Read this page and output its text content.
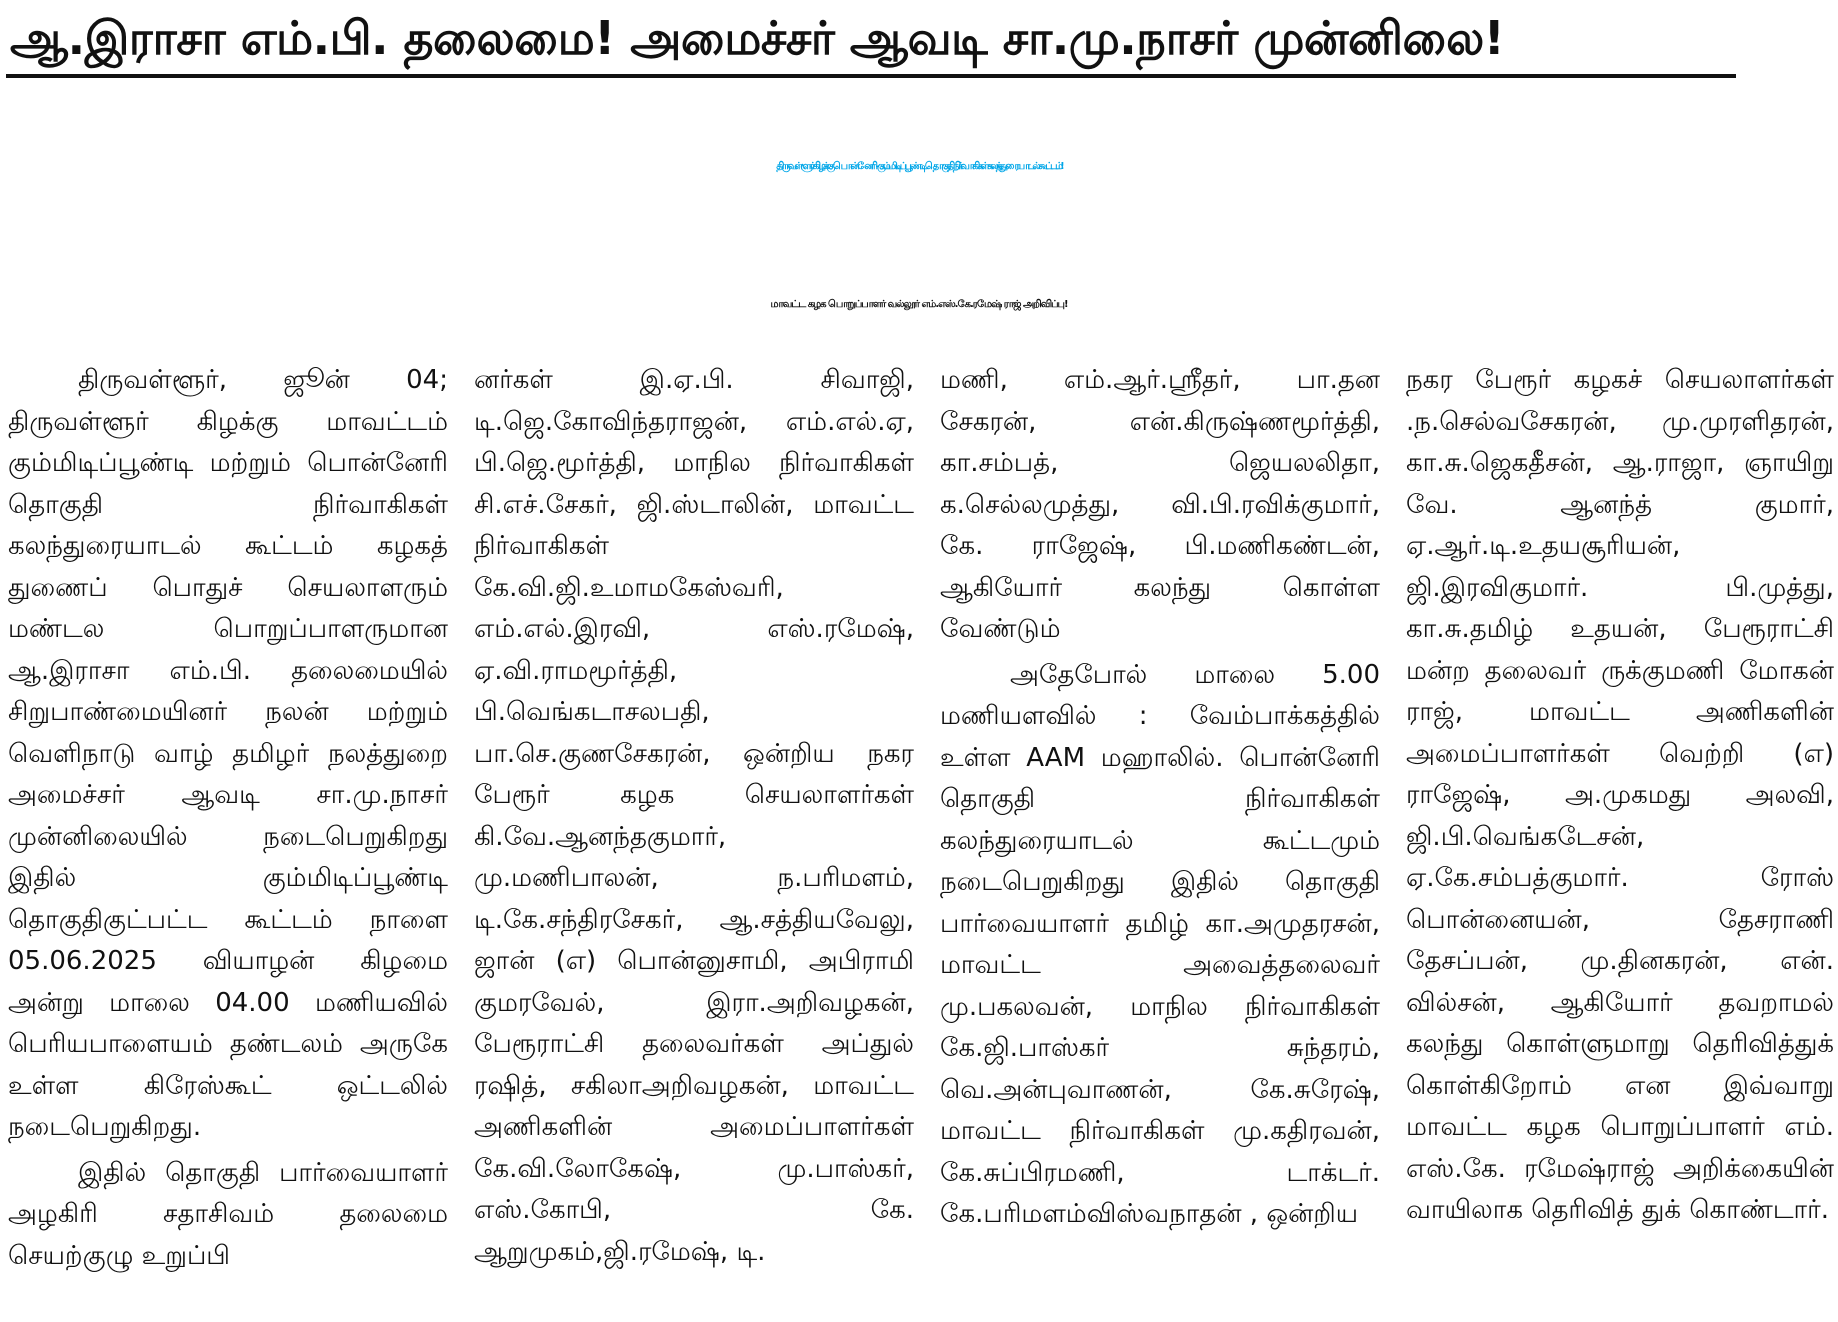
ஆ.இராசா எம்.பி. தலைமை! அமைச்சர் ஆவடி சா.மு.நாசர் முன்னிலை!
திருவள்ளூர் கிழக்கு பொன்னேரி - கும்மிடிப்பூண்டி தொகுதி நிர்வாகிகள் கலந்துரையாடல் கூட்டம்!
மாவட்ட கழக பொறுப்பாளர் வல்லூர் எம்.எஸ்.கே.ரமேஷ் ராஜ் அறிவிப்பு!

திருவள்ளூர், ஜூன் 04; திருவள்ளூர் கிழக்கு மாவட்டம் கும்மிடிப்பூண்டி மற்றும் பொன்னேரி தொகுதி நிர்வாகிகள் கலந்துரையாடல் கூட்டம் கழகத் துணைப் பொதுச் செயலாளரும் மண்டல பொறுப்பாளருமான ஆ.இராசா எம்.பி. தலைமையில் சிறுபாண்மையினர் நலன் மற்றும் வெளிநாடு வாழ் தமிழர் நலத்துறை அமைச்சர் ஆவடி சா.மு.நாசர் முன்னிலையில் நடைபெறுகிறது இதில் கும்மிடிப்பூண்டி தொகுதிகுட்பட்ட கூட்டம் நாளை 05.06.2025 வியாழன் கிழமை அன்று மாலை 04.00 மணியவில் பெரியபாளையம் தண்டலம் அருகே உள்ள கிரேஸ்கூட் ஒட்டலில் நடைபெறுகிறது.

இதில் தொகுதி பார்வையாளர் அழகிரி சதாசிவம் தலைமை செயற்குழு உறுப்பி

னர்கள் இ.ஏ.பி. சிவாஜி, டி.ஜெ.கோவிந்தராஜன், எம்.எல்.ஏ, பி.ஜெ.மூர்த்தி, மாநில நிர்வாகிகள் சி.எச்.சேகர், ஜி.ஸ்டாலின், மாவட்ட நிர்வாகிகள் கே.வி.ஜி.உமாமகேஸ்வரி, எம்.எல்.இரவி, எஸ்.ரமேஷ், ஏ.வி.ராமமூர்த்தி, பி.வெங்கடாசலபதி, பா.செ.குணசேகரன், ஒன்றிய நகர பேரூர் கழக செயலாளர்கள் கி.வே.ஆனந்தகுமார், மு.மணிபாலன், ந.பரிமளம், டி.கே.சந்திரசேகர், ஆ.சத்தியவேலு, ஜான் (எ) பொன்னுசாமி, அபிராமி குமரவேல், இரா.அறிவழகன், பேரூராட்சி தலைவர்கள் அப்துல் ரஷித், சகிலாஅறிவழகன், மாவட்ட அணிகளின் அமைப்பாளர்கள் கே.வி.லோகேஷ், மு.பாஸ்கர், எஸ்.கோபி, கே. ஆறுமுகம்,ஜி.ரமேஷ், டி.

மணி, எம்.ஆர்.ஸ்ரீதர், பா.தன சேகரன், என்.கிருஷ்ணமூர்த்தி, கா.சம்பத், ஜெயலலிதா, க.செல்லமுத்து, வி.பி.ரவிக்குமார், கே. ராஜேஷ், பி.மணிகண்டன், ஆகியோர் கலந்து கொள்ள வேண்டும்

அதேபோல் மாலை 5.00 மணியளவில் : வேம்பாக்கத்தில் உள்ள AAM மஹாலில். பொன்னேரி தொகுதி நிர்வாகிகள் கலந்துரையாடல் கூட்டமும் நடைபெறுகிறது இதில் தொகுதி பார்வையாளர் தமிழ் கா.அமுதரசன், மாவட்ட அவைத்தலைவர் மு.பகலவன், மாநில நிர்வாகிகள் கே.ஜி.பாஸ்கர் சுந்தரம், வெ.அன்புவாணன், கே.சுரேஷ், மாவட்ட நிர்வாகிகள் மு.கதிரவன், கே.சுப்பிரமணி, டாக்டர். கே.பரிமளம்விஸ்வநாதன் , ஒன்றிய

நகர பேரூர் கழகச் செயலாளர்கள் .ந.செல்வசேகரன், மு.முரளிதரன், கா.சு.ஜெகதீசன், ஆ.ராஜா, ஞாயிறு வே. ஆனந்த் குமார், ஏ.ஆர்.டி.உதயசூரியன், ஜி.இரவிகுமார். பி.முத்து, கா.சு.தமிழ் உதயன், பேரூராட்சி மன்ற தலைவர் ருக்குமணி மோகன் ராஜ், மாவட்ட அணிகளின் அமைப்பாளர்கள் வெற்றி (எ) ராஜேஷ், அ.முகமது அலவி, ஜி.பி.வெங்கடேசன், ஏ.கே.சம்பத்குமார். ரோஸ் பொன்னையன், தேசராணி தேசப்பன், மு.தினகரன், என். வில்சன், ஆகியோர் தவறாமல் கலந்து கொள்ளுமாறு தெரிவித்துக் கொள்கிறோம் என இவ்வாறு மாவட்ட கழக பொறுப்பாளர் எம். எஸ்.கே. ரமேஷ்ராஜ் அறிக்கையின் வாயிலாக தெரிவித் துக் கொண்டார்.
